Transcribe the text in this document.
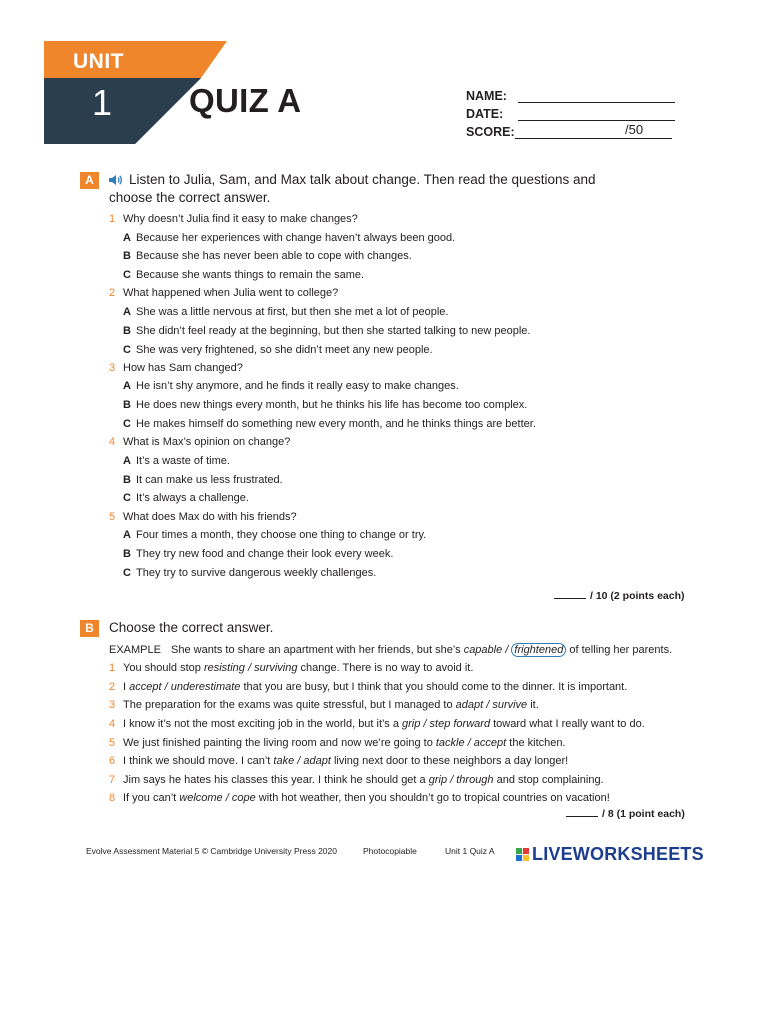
UNIT
1 QUIZ A	NAME:
DATE:
SCORE:	/50
A	Listen to Julia, Sam, and Max talk about change. Then read the questions and
choose the correct answer.
1 Why doesn’t Julia find it easy to make changes?
A Because her experiences with change haven’t always been good.
B Because she has never been able to cope with changes.
C Because she wants things to remain the same.
2 What happened when Julia went to college?
A She was a little nervous at first, but then she met a lot of people.
B She didn’t feel ready at the beginning, but then she started talking to new people.
C She was very frightened, so she didn’t meet any new people.
3 How has Sam changed?
A He isn’t shy anymore, and he finds it really easy to make changes.
B He does new things every month, but he thinks his life has become too complex.
C He makes himself do something new every month, and he thinks things are better.
4 What is Max’s opinion on change?
A It’s a waste of time.
B It can make us less frustrated.
C It’s always a challenge.
5 What does Max do with his friends?
A Four times a month, they choose one thing to change or try.
B They try new food and change their look every week.
C They try to survive dangerous weekly challenges.
/ 10 (2 points each)
B	Choose the correct answer.
EXAMPLE She wants to share an apartment with her friends, but she’s capable / frightened of telling her parents.
1 You should stop resisting / surviving change. There is no way to avoid it.
2 I accept / underestimate that you are busy, but I think that you should come to the dinner. It is important.
3 The preparation for the exams was quite stressful, but I managed to adapt / survive it.
4 I know it’s not the most exciting job in the world, but it’s a grip / step forward toward what I really want to do.
5 We just finished painting the living room and now we’re going to tackle / accept the kitchen.
6 I think we should move. I can’t take / adapt living next door to these neighbors a day longer!
7 Jim says he hates his classes this year. I think he should get a grip / through and stop complaining.
8 If you can’t welcome / cope with hot weather, then you shouldn’t go to tropical countries on vacation!
/ 8 (1 point each)
Evolve Assessment Material 5 © Cambridge University Press 2020	Photocopiable	Unit 1 Quiz A LIVEWORKSHEETS
